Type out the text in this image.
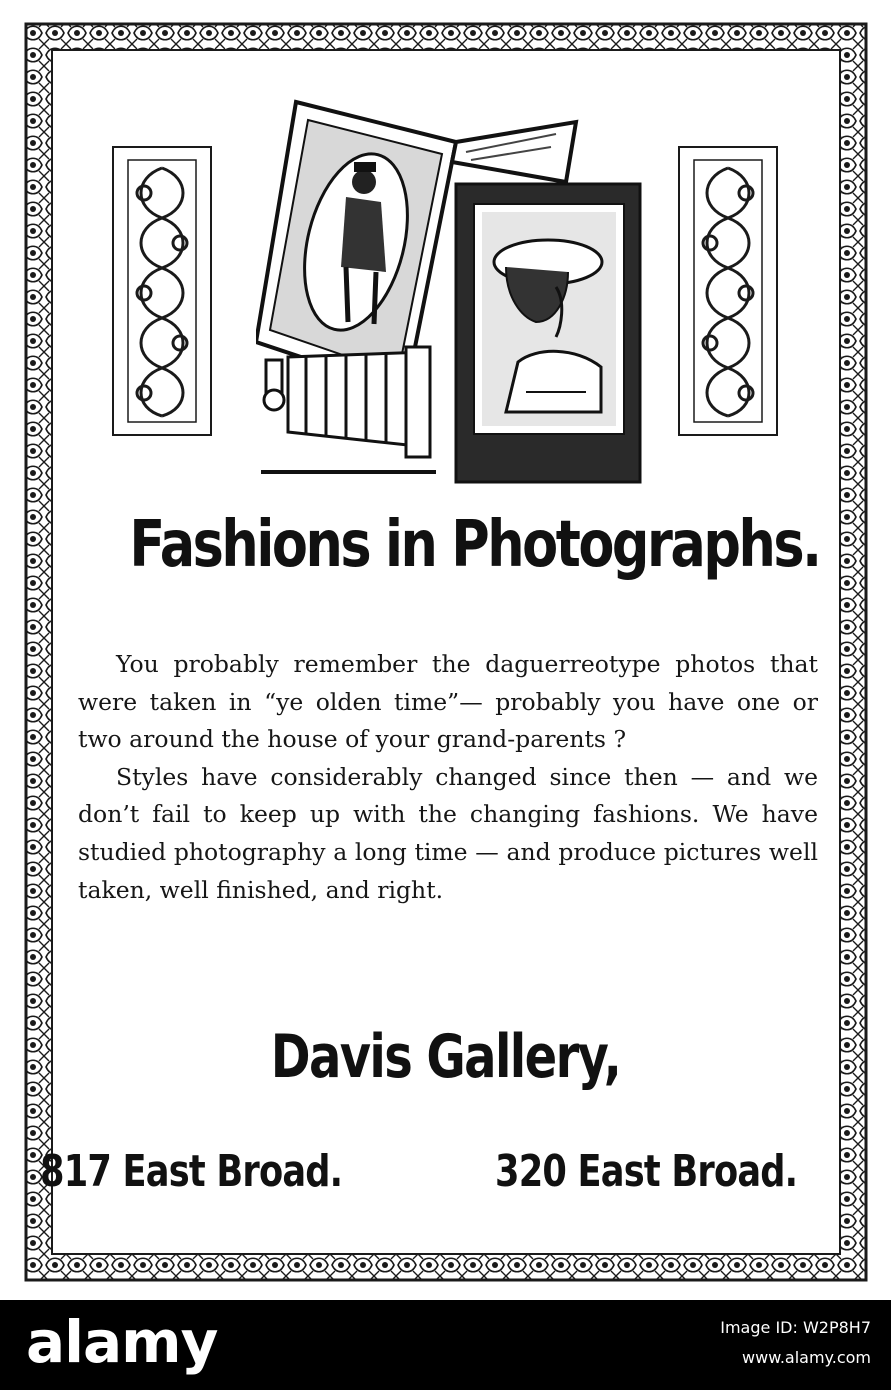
Fashions in Photographs.

You probably remember the daguerreotype photos that were taken in “ye olden time”— probably you have one or two around the house of your grand-parents ?

Styles have considerably changed since then — and we don’t fail to keep up with the changing fashions. We have studied photography a long time — and produce pictures well taken, well finished, and right.

Davis Gallery,
817 East Broad.	320 East Broad.
alamy	Image ID: W2P8H7
www.alamy.com
